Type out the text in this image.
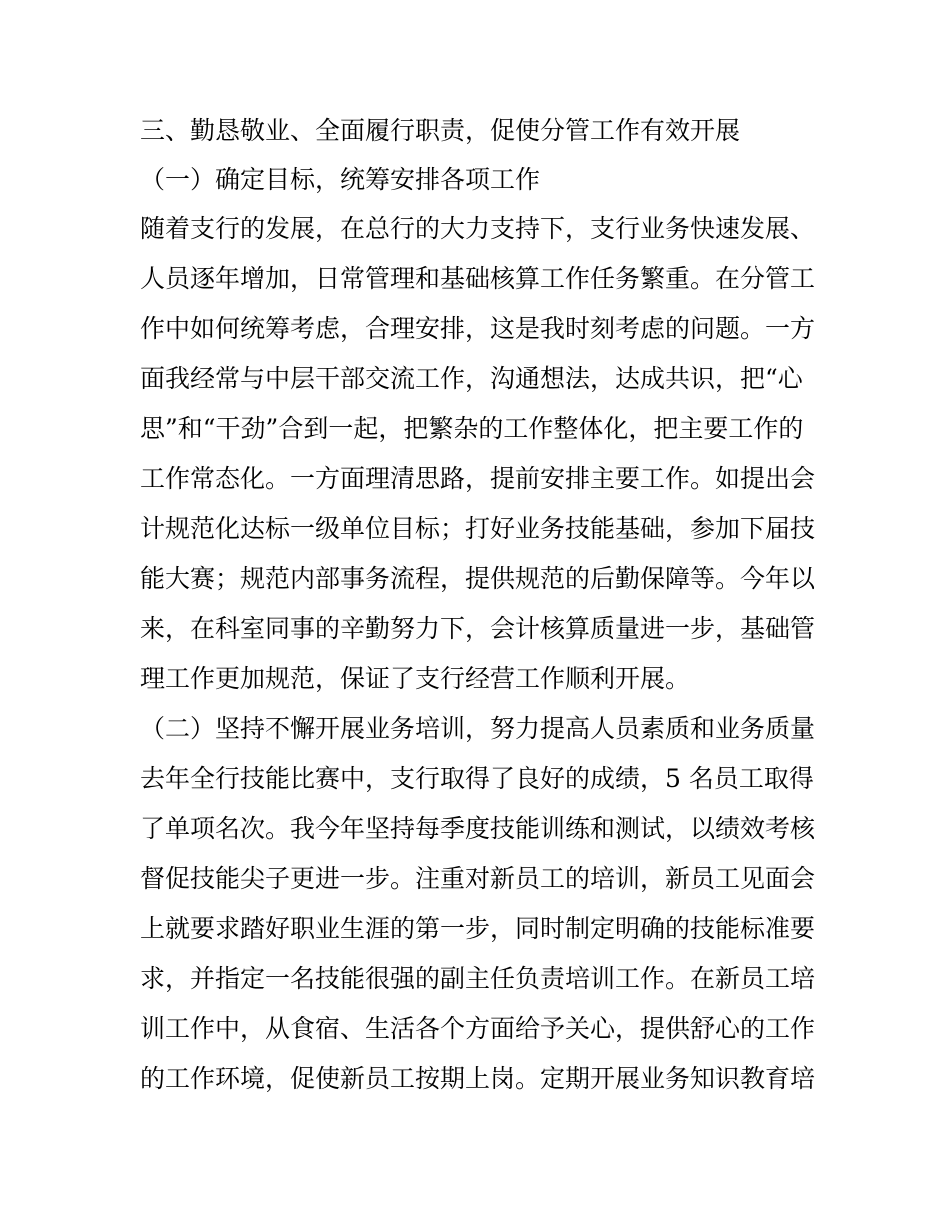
三、勤恳敬业、全面履行职责，促使分管工作有效开展
（一）确定目标，统筹安排各项工作
随着支行的发展，在总行的大力支持下，支行业务快速发展、
人员逐年增加，日常管理和基础核算工作任务繁重。在分管工
作中如何统筹考虑，合理安排，这是我时刻考虑的问题。一方
面我经常与中层干部交流工作，沟通想法，达成共识，把“心
思”和“干劲”合到一起，把繁杂的工作整体化，把主要工作的
工作常态化。一方面理清思路，提前安排主要工作。如提出会
计规范化达标一级单位目标；打好业务技能基础，参加下届技
能大赛；规范内部事务流程，提供规范的后勤保障等。今年以
来，在科室同事的辛勤努力下，会计核算质量进一步，基础管
理工作更加规范，保证了支行经营工作顺利开展。
（二）坚持不懈开展业务培训，努力提高人员素质和业务质量
去年全行技能比赛中，支行取得了良好的成绩，5 名员工取得
了单项名次。我今年坚持每季度技能训练和测试，以绩效考核
督促技能尖子更进一步。注重对新员工的培训，新员工见面会
上就要求踏好职业生涯的第一步，同时制定明确的技能标准要
求，并指定一名技能很强的副主任负责培训工作。在新员工培
训工作中，从食宿、生活各个方面给予关心，提供舒心的工作
的工作环境，促使新员工按期上岗。定期开展业务知识教育培
